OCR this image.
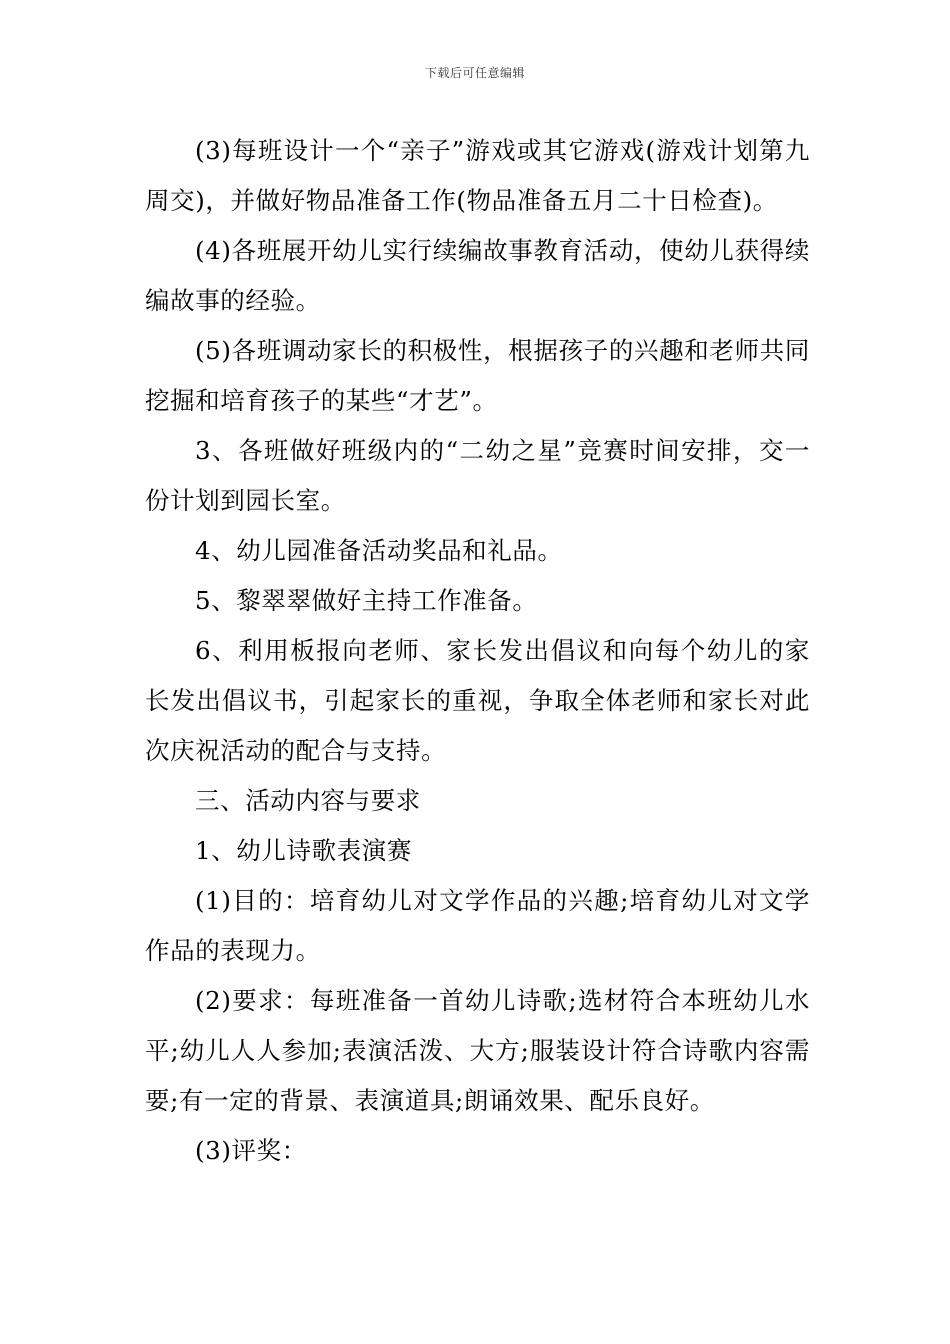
下载后可任意编辑

(3)每班设计一个“亲子”游戏或其它游戏(游戏计划第九周交)，并做好物品准备工作(物品准备五月二十日检查)。

(4)各班展开幼儿实行续编故事教育活动，使幼儿获得续编故事的经验。

(5)各班调动家长的积极性，根据孩子的兴趣和老师共同挖掘和培育孩子的某些“才艺”。

3、各班做好班级内的“二幼之星”竞赛时间安排，交一份计划到园长室。

4、幼儿园准备活动奖品和礼品。

5、黎翠翠做好主持工作准备。

6、利用板报向老师、家长发出倡议和向每个幼儿的家长发出倡议书，引起家长的重视，争取全体老师和家长对此次庆祝活动的配合与支持。

三、活动内容与要求

1、幼儿诗歌表演赛

(1)目的：培育幼儿对文学作品的兴趣;培育幼儿对文学作品的表现力。

(2)要求：每班准备一首幼儿诗歌;选材符合本班幼儿水平;幼儿人人参加;表演活泼、大方;服装设计符合诗歌内容需要;有一定的背景、表演道具;朗诵效果、配乐良好。

(3)评奖：
